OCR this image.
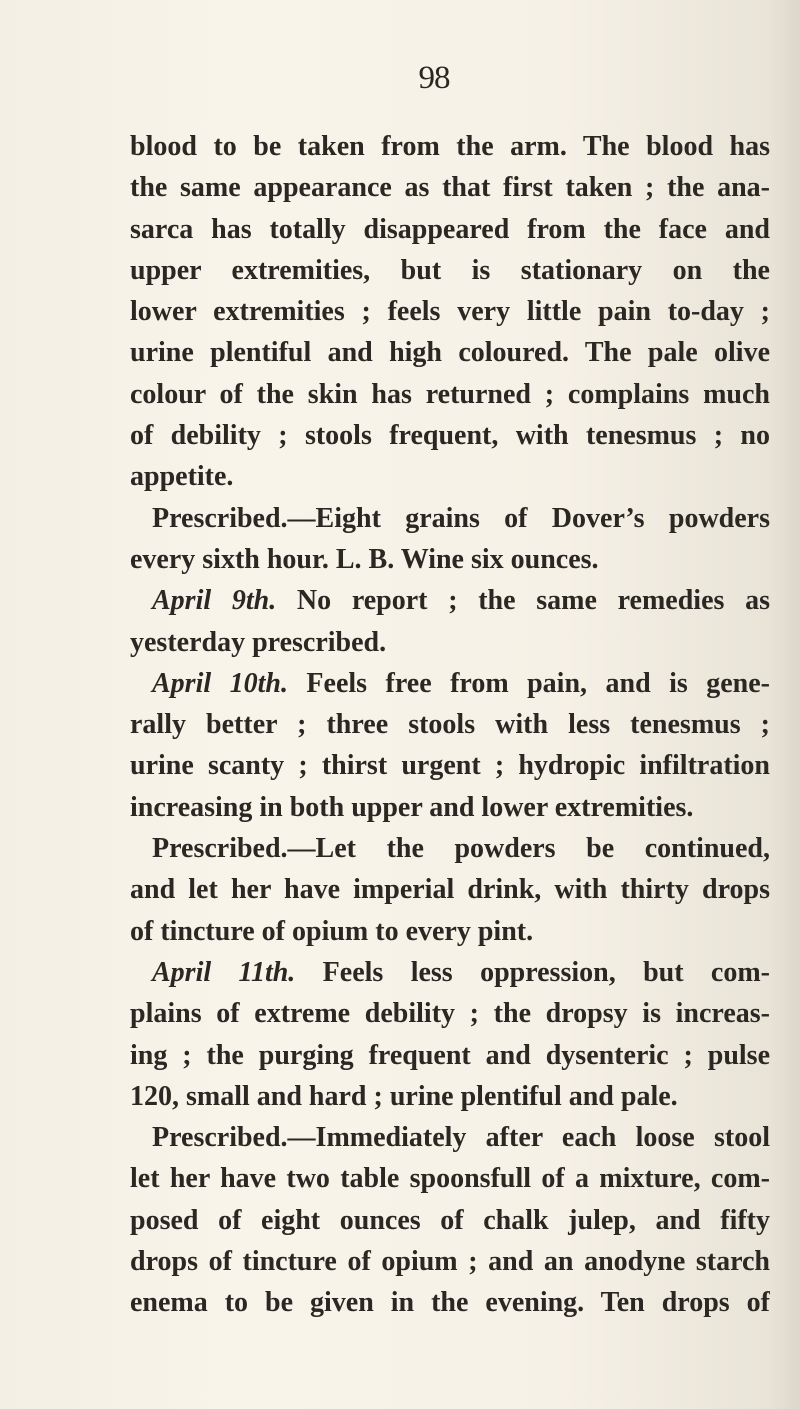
98
blood to be taken from the arm. The blood has
the same appearance as that first taken ; the ana-
sarca has totally disappeared from the face and
upper extremities, but is stationary on the
lower extremities ; feels very little pain to-day ;
urine plentiful and high coloured. The pale olive
colour of the skin has returned ; complains much
of debility ; stools frequent, with tenesmus ; no
appetite.
Prescribed.—Eight grains of Dover’s powders
every sixth hour. L. B. Wine six ounces.
April 9th. No report ; the same remedies as
yesterday prescribed.
April 10th. Feels free from pain, and is gene-
rally better ; three stools with less tenesmus ;
urine scanty ; thirst urgent ; hydropic infiltration
increasing in both upper and lower extremities.
Prescribed.—Let the powders be continued,
and let her have imperial drink, with thirty drops
of tincture of opium to every pint.
April 11th. Feels less oppression, but com-
plains of extreme debility ; the dropsy is increas-
ing ; the purging frequent and dysenteric ; pulse
120, small and hard ; urine plentiful and pale.
Prescribed.—Immediately after each loose stool
let her have two table spoonsfull of a mixture, com-
posed of eight ounces of chalk julep, and fifty
drops of tincture of opium ; and an anodyne starch
enema to be given in the evening. Ten drops of
